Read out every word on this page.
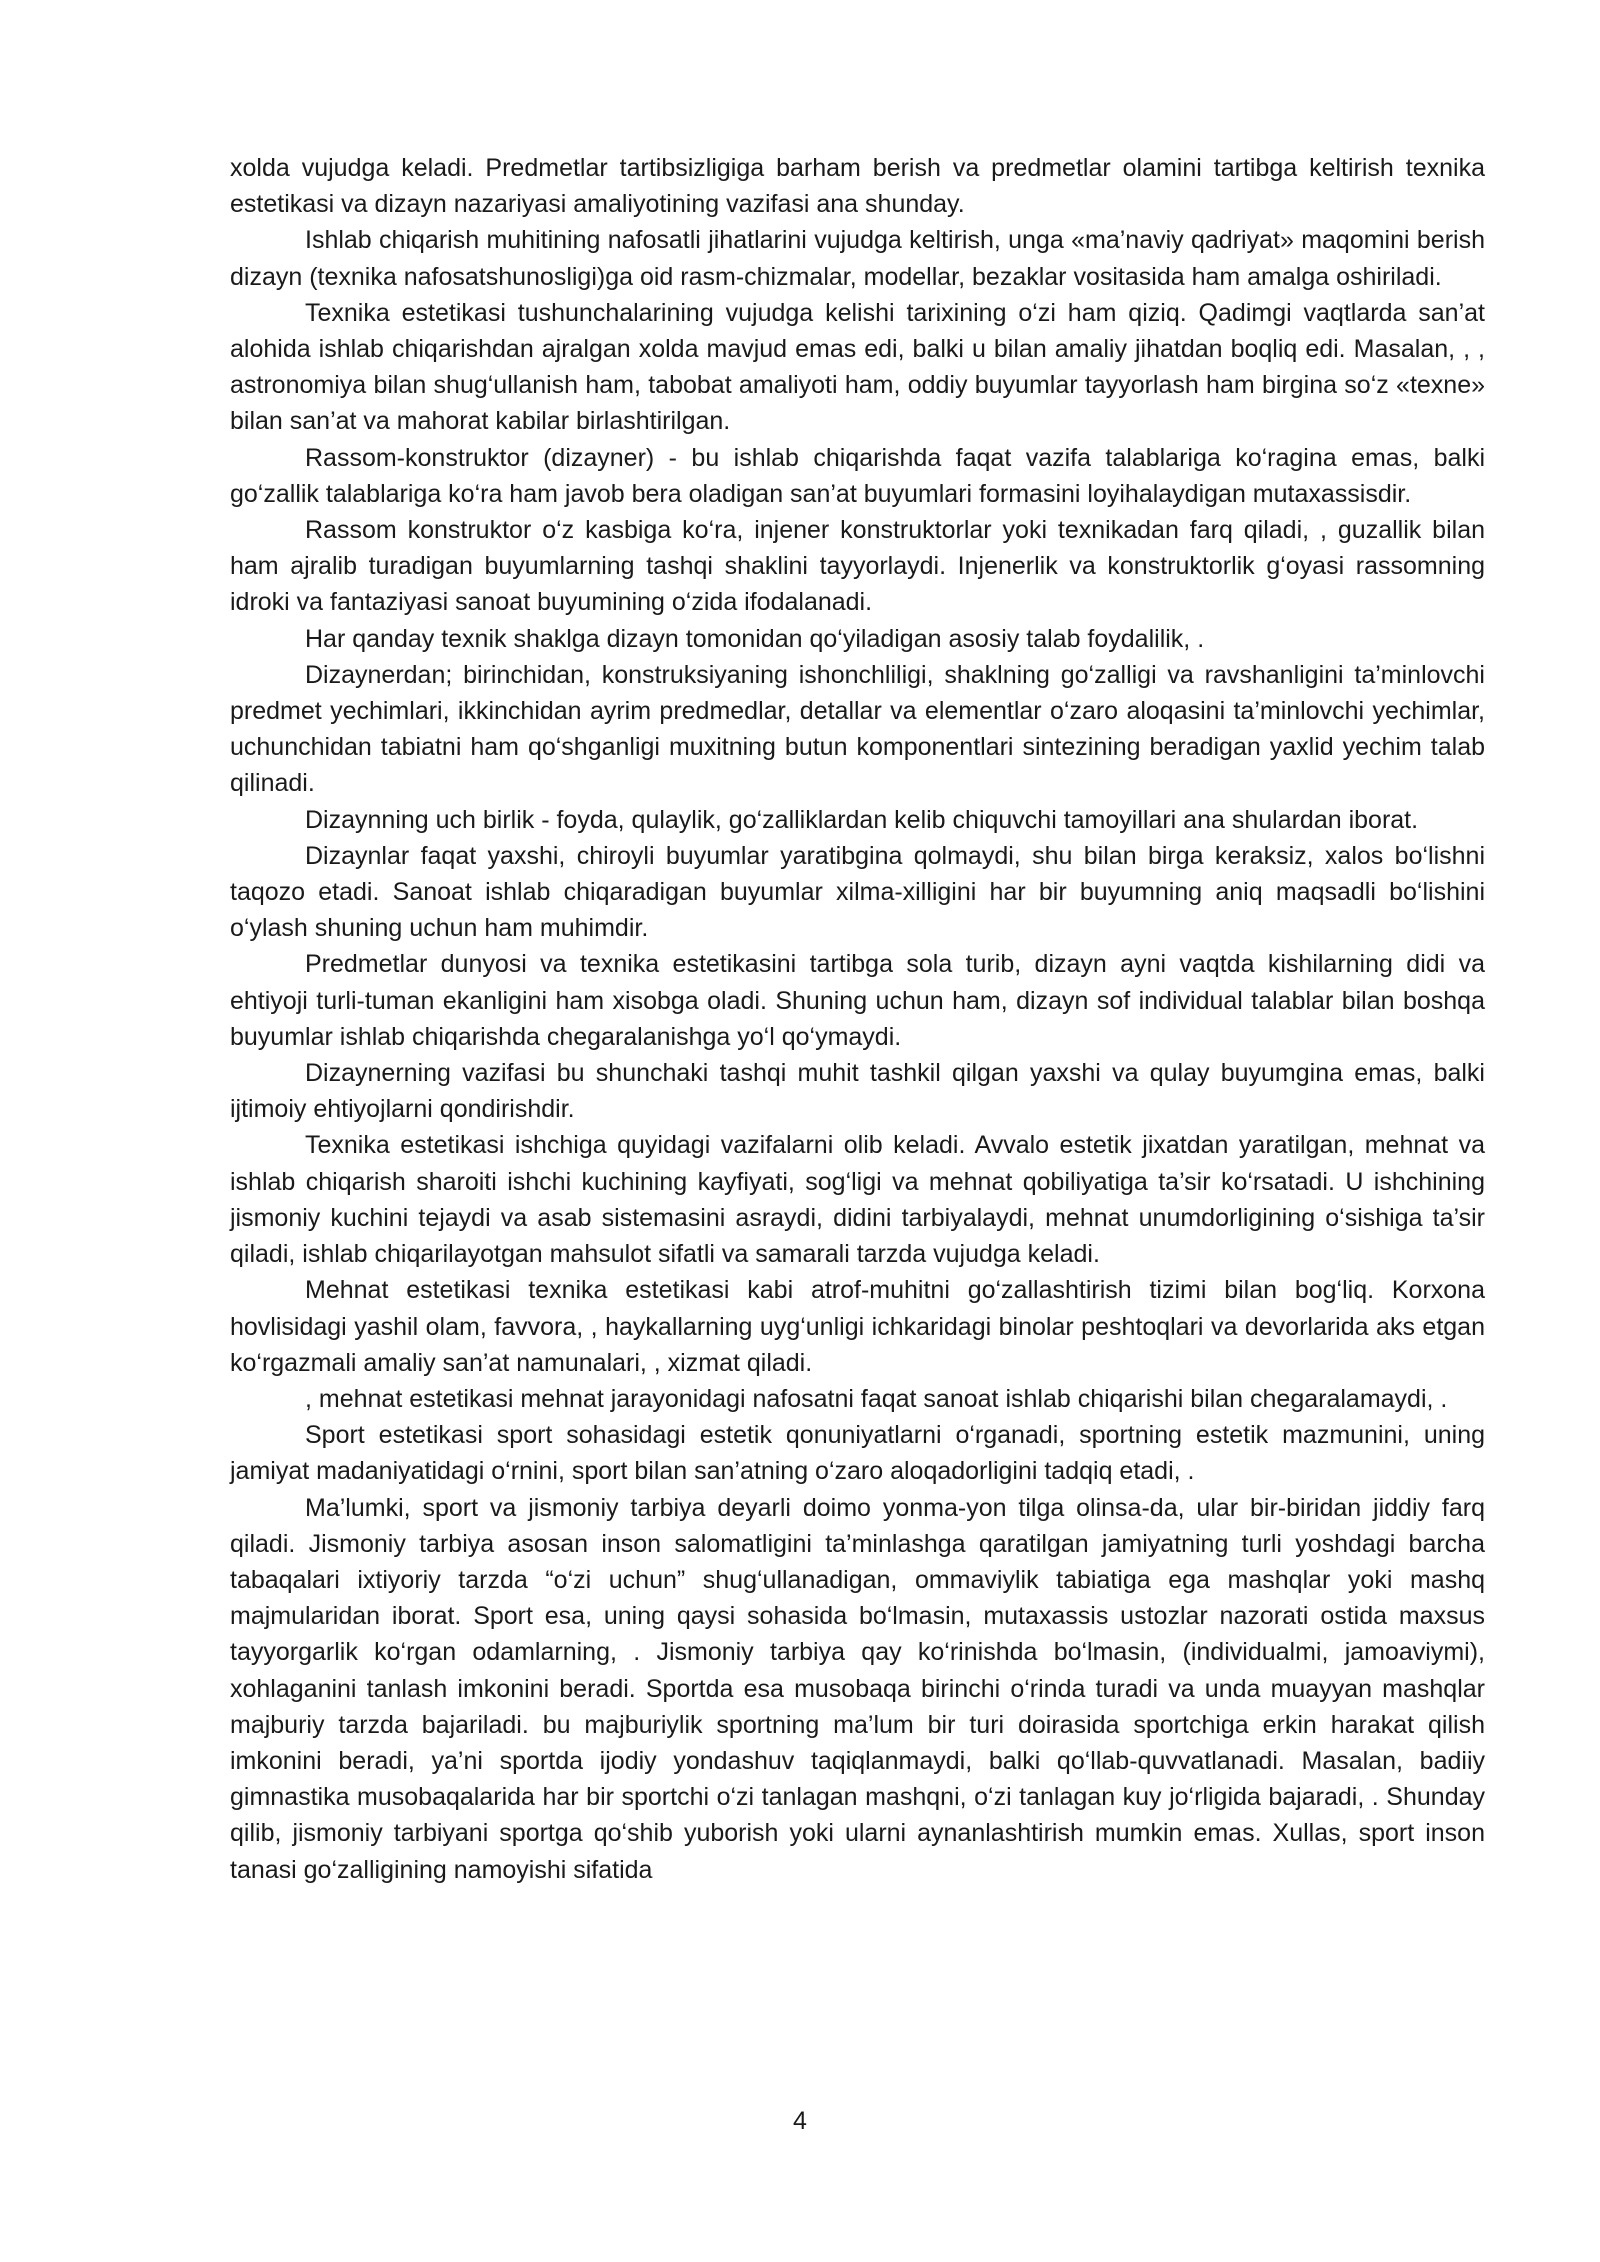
xolda vujudga keladi. Predmetlar tartibsizligiga barham berish va predmetlar olamini tartibga keltirish texnika estetikasi va dizayn nazariyasi amaliyotining vazifasi ana shunday.

Ishlab chiqarish muhitining nafosatli jihatlarini vujudga keltirish, unga «ma’naviy qadriyat» maqomini berish dizayn (texnika nafosatshunosligi)ga oid rasm-chizmalar, modellar, bezaklar vositasida ham amalga oshiriladi.

Texnika estetikasi tushunchalarining vujudga kelishi tarixining o‘zi ham qiziq. Qadimgi vaqtlarda san’at alohida ishlab chiqarishdan ajralgan xolda mavjud emas edi, balki u bilan amaliy jihatdan boqliq edi. Masalan, , , astronomiya bilan shug‘ullanish ham, tabobat amaliyoti ham, oddiy buyumlar tayyorlash ham birgina so‘z «texne» bilan san’at va mahorat kabilar birlashtirilgan.

Rassom-konstruktor (dizayner) - bu ishlab chiqarishda faqat vazifa talablariga ko‘ragina emas, balki go‘zallik talablariga ko‘ra ham javob bera oladigan san’at buyumlari formasini loyihalaydigan mutaxassisdir.

Rassom konstruktor o‘z kasbiga ko‘ra, injener konstruktorlar yoki texnikadan farq qiladi, , guzallik bilan ham ajralib turadigan buyumlarning tashqi shaklini tayyorlaydi. Injenerlik va konstruktorlik g‘oyasi rassomning idroki va fantaziyasi sanoat buyumining o‘zida ifodalanadi.

Har qanday texnik shaklga dizayn tomonidan qo‘yiladigan asosiy talab foydalilik, .

Dizaynerdan; birinchidan, konstruksiyaning ishonchliligi, shaklning go‘zalligi va ravshanligini ta’minlovchi predmet yechimlari, ikkinchidan ayrim predmedlar, detallar va elementlar o‘zaro aloqasini ta’minlovchi yechimlar, uchunchidan tabiatni ham qo‘shganligi muxitning butun komponentlari sintezining beradigan yaxlid yechim talab qilinadi.

Dizaynning uch birlik - foyda, qulaylik, go‘zalliklardan kelib chiquvchi tamoyillari ana shulardan iborat.

Dizaynlar faqat yaxshi, chiroyli buyumlar yaratibgina qolmaydi, shu bilan birga keraksiz, xalos bo‘lishni taqozo etadi. Sanoat ishlab chiqaradigan buyumlar xilma-xilligini har bir buyumning aniq maqsadli bo‘lishini o‘ylash shuning uchun ham muhimdir.

Predmetlar dunyosi va texnika estetikasini tartibga sola turib, dizayn ayni vaqtda kishilarning didi va ehtiyoji turli-tuman ekanligini ham xisobga oladi. Shuning uchun ham, dizayn sof individual talablar bilan boshqa buyumlar ishlab chiqarishda chegaralanishga yo‘l qo‘ymaydi.

Dizaynerning vazifasi bu shunchaki tashqi muhit tashkil qilgan yaxshi va qulay buyumgina emas, balki ijtimoiy ehtiyojlarni qondirishdir.

Texnika estetikasi ishchiga quyidagi vazifalarni olib keladi. Avvalo estetik jixatdan yaratilgan, mehnat va ishlab chiqarish sharoiti ishchi kuchining kayfiyati, sog‘ligi va mehnat qobiliyatiga ta’sir ko‘rsatadi. U ishchining jismoniy kuchini tejaydi va asab sistemasini asraydi, didini tarbiyalaydi, mehnat unumdorligining o‘sishiga ta’sir qiladi, ishlab chiqarilayotgan mahsulot sifatli va samarali tarzda vujudga keladi.

Mehnat estetikasi texnika estetikasi kabi atrof-muhitni go‘zallashtirish tizimi bilan bog‘liq. Korxona hovlisidagi yashil olam, favvora, , haykallarning uyg‘unligi ichkaridagi binolar peshtoqlari va devorlarida aks etgan ko‘rgazmali amaliy san’at namunalari, , xizmat qiladi.

, mehnat estetikasi mehnat jarayonidagi nafosatni faqat sanoat ishlab chiqarishi bilan chegaralamaydi, .

Sport estetikasi sport sohasidagi estetik qonuniyatlarni o‘rganadi, sportning estetik mazmunini, uning jamiyat madaniyatidagi o‘rnini, sport bilan san’atning o‘zaro aloqadorligini tadqiq etadi, .

Ma’lumki, sport va jismoniy tarbiya deyarli doimo yonma-yon tilga olinsa-da, ular bir-biridan jiddiy farq qiladi. Jismoniy tarbiya asosan inson salomatligini ta’minlashga qaratilgan jamiyatning turli yoshdagi barcha tabaqalari ixtiyoriy tarzda “o‘zi uchun” shug‘ullanadigan, ommaviylik tabiatiga ega mashqlar yoki mashq majmularidan iborat. Sport esa, uning qaysi sohasida bo‘lmasin, mutaxassis ustozlar nazorati ostida maxsus tayyorgarlik ko‘rgan odamlarning, . Jismoniy tarbiya qay ko‘rinishda bo‘lmasin, (individualmi, jamoaviymi), xohlaganini tanlash imkonini beradi. Sportda esa musobaqa birinchi o‘rinda turadi va unda muayyan mashqlar majburiy tarzda bajariladi. bu majburiylik sportning ma’lum bir turi doirasida sportchiga erkin harakat qilish imkonini beradi, ya’ni sportda ijodiy yondashuv taqiqlanmaydi, balki qo‘llab-quvvatlanadi. Masalan, badiiy gimnastika musobaqalarida har bir sportchi o‘zi tanlagan mashqni, o‘zi tanlagan kuy jo‘rligida bajaradi, . Shunday qilib, jismoniy tarbiyani sportga qo‘shib yuborish yoki ularni aynanlashtirish mumkin emas. Xullas, sport inson tanasi go‘zalligining namoyishi sifatida

4
